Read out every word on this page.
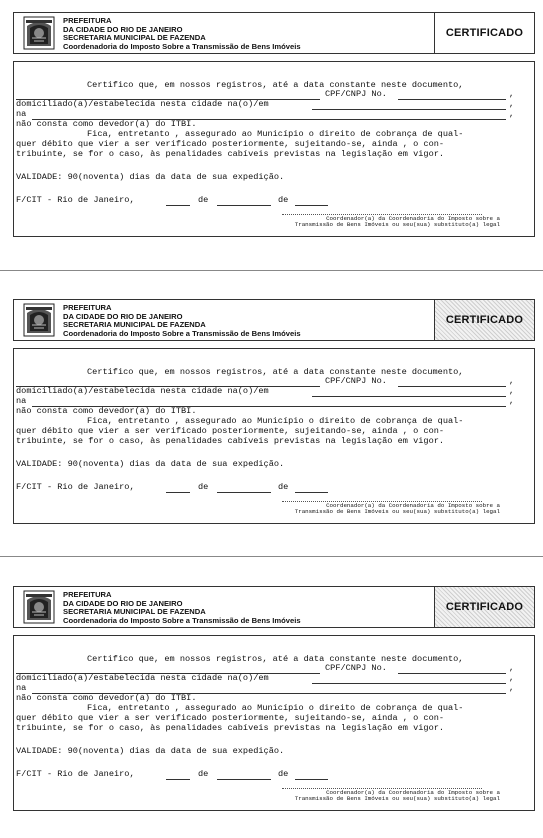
PREFEITURA
DA CIDADE DO RIO DE JANEIRO
SECRETARIA MUNICIPAL DE FAZENDA
Coordenadoria do Imposto Sobre a Transmissão de Bens Imóveis
CERTIFICADO
Certifico que, em nossos registros, até a data constante neste documento,
CPF/CNPJ No.	,
domiciliado(a)/estabelecida nesta cidade na(o)/em	,
na	,
não consta como devedor(a) do ITBI.
Fica, entretanto , assegurado ao Município o direito de cobrança de qual-
quer débito que vier a ser verificado posteriormente, sujeitando-se, ainda , o con-
tribuinte, se for o caso, às penalidades cabíveis previstas na legislação em vigor.
VALIDADE: 90(noventa) dias da data de sua expedição.
F/CIT - Rio de Janeiro,	de	de
Coordenador(a) da Coordenadoria do Imposto sobre a
Transmissão de Bens Imóveis ou seu(sua) substituto(a) legal
PREFEITURA
DA CIDADE DO RIO DE JANEIRO
SECRETARIA MUNICIPAL DE FAZENDA
Coordenadoria do Imposto Sobre a Transmissão de Bens Imóveis
CERTIFICADO
Certifico que, em nossos registros, até a data constante neste documento,
CPF/CNPJ No.	,
domiciliado(a)/estabelecida nesta cidade na(o)/em	,
na	,
não consta como devedor(a) do ITBI.
Fica, entretanto , assegurado ao Município o direito de cobrança de qual-
quer débito que vier a ser verificado posteriormente, sujeitando-se, ainda , o con-
tribuinte, se for o caso, às penalidades cabíveis previstas na legislação em vigor.
VALIDADE: 90(noventa) dias da data de sua expedição.
F/CIT - Rio de Janeiro,	de	de
Coordenador(a) da Coordenadoria do Imposto sobre a
Transmissão de Bens Imóveis ou seu(sua) substituto(a) legal
PREFEITURA
DA CIDADE DO RIO DE JANEIRO
SECRETARIA MUNICIPAL DE FAZENDA
Coordenadoria do Imposto Sobre a Transmissão de Bens Imóveis
CERTIFICADO
Certifico que, em nossos registros, até a data constante neste documento,
CPF/CNPJ No.	,
domiciliado(a)/estabelecida nesta cidade na(o)/em	,
na	,
não consta como devedor(a) do ITBI.
Fica, entretanto , assegurado ao Município o direito de cobrança de qual-
quer débito que vier a ser verificado posteriormente, sujeitando-se, ainda , o con-
tribuinte, se for o caso, às penalidades cabíveis previstas na legislação em vigor.
VALIDADE: 90(noventa) dias da data de sua expedição.
F/CIT - Rio de Janeiro,	de	de
Coordenador(a) da Coordenadoria do Imposto sobre a
Transmissão de Bens Imóveis ou seu(sua) substituto(a) legal
